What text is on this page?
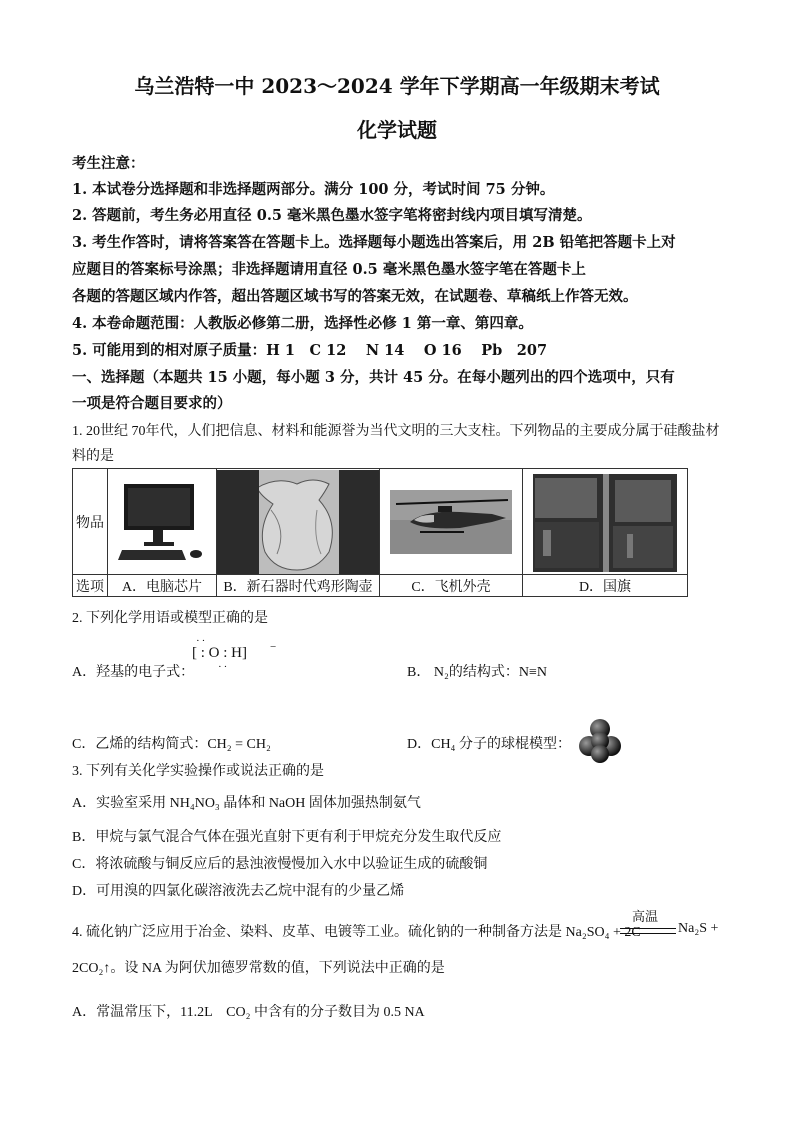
乌兰浩特一中 2023～2024 学年下学期高一年级期末考试
化学试题
考生注意：
1. 本试卷分选择题和非选择题两部分。满分 100 分，考试时间 75 分钟。
2. 答题前，考生务必用直径 0.5 毫米黑色墨水签字笔将密封线内项目填写清楚。
3. 考生作答时，请将答案答在答题卡上。选择题每小题选出答案后，用 2B 铅笔把答题卡上对
应题目的答案标号涂黑；非选择题请用直径 0.5 毫米黑色墨水签字笔在答题卡上
各题的答题区域内作答，超出答题区域书写的答案无效，在试题卷、草稿纸上作答无效。
4. 本卷命题范围：人教版必修第二册，选择性必修 1 第一章、第四章。
5. 可能用到的相对原子质量：H 1　C 12　 N 14　 O 16　 Pb　207
一、选择题（本题共 15 小题，每小题 3 分，共计 45 分。在每小题列出的四个选项中，只有
一项是符合题目要求的）
1. 20世纪 70年代，人们把信息、材料和能源誉为当代文明的三大支柱。下列物品的主要成分属于硅酸盐材
料的是
物品	

选项	A．电脑芯片	B．新石器时代鸡形陶壶	C．飞机外壳	D．国旗
2. 下列化学用语或模型正确的是
··
A．羟基的电子式：
[ : O : H] −
··	B． N₂的结构式：N≡N
C．乙烯的结构简式：CH₂ = CH₂	D．CH₄ 分子的球棍模型：
3. 下列有关化学实验操作或说法正确的是
A．实验室采用 NH₄NO₃ 晶体和 NaOH 固体加强热制氨气
B．甲烷与氯气混合气体在强光直射下更有利于甲烷充分发生取代反应
C．将浓硫酸与铜反应后的悬浊液慢慢加入水中以验证生成的硫酸铜
D．可用溴的四氯化碳溶液洗去乙烷中混有的少量乙烯
4. 硫化钠广泛应用于冶金、染料、皮革、电镀等工业。硫化钠的一种制备方法是 Na₂SO₄ + 2C
高温
Na₂S +
2CO₂↑。设 NA 为阿伏加德罗常数的值，下列说法中正确的是
A．常温常压下，11.2L　CO₂ 中含有的分子数目为 0.5 NA
